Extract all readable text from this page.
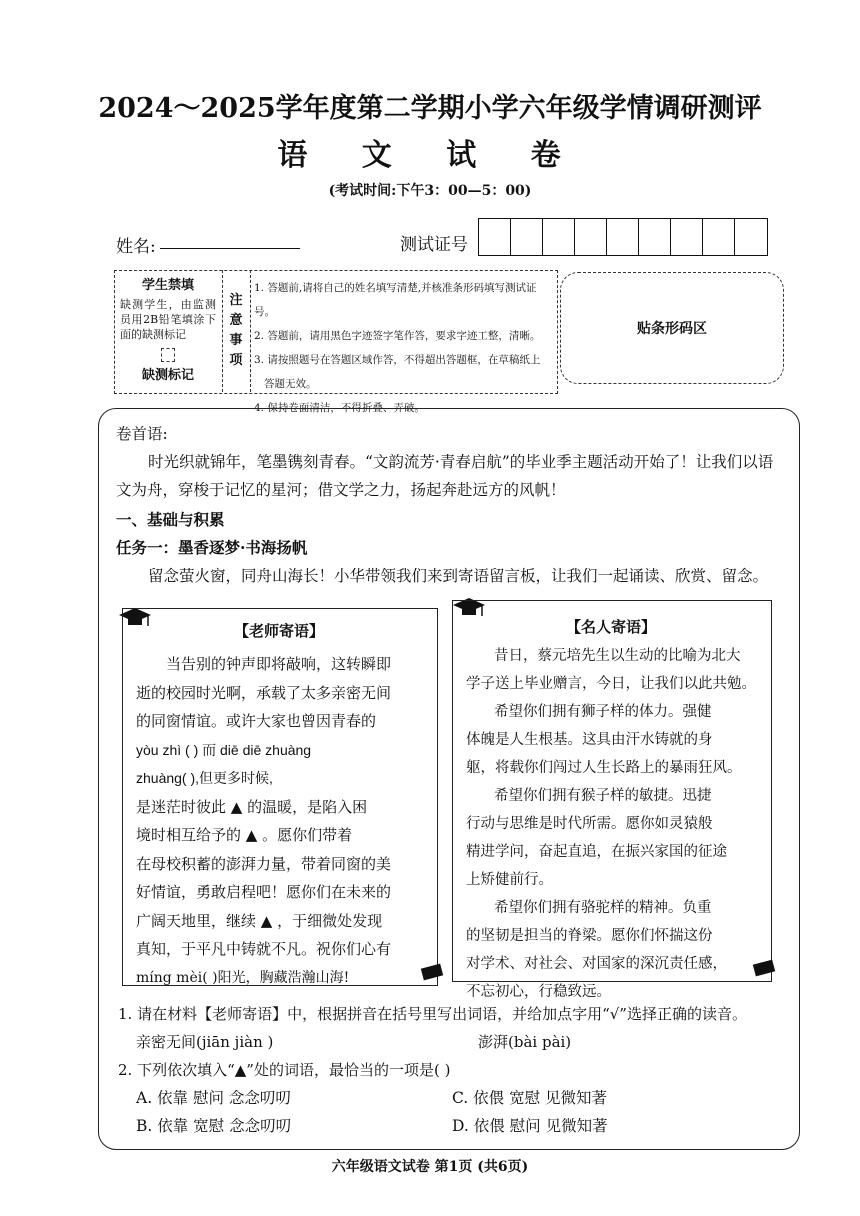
2024～2025学年度第二学期小学六年级学情调研测评
语 文 试 卷
(考试时间:下午3：00—5：00)
姓名:	测试证号
学生禁填
缺测学生，由监测员用2B铅笔填涂下面的缺测标记
缺测标记
注
意
事
项
1. 答题前,请将自己的姓名填写清楚,并核准条形码填写测试证号。
2. 答题前，请用黑色字迹签字笔作答，要求字迹工整，清晰。
3. 请按照题号在答题区域作答，不得超出答题框，在草稿纸上
答题无效。
4. 保持卷面清洁，不得折叠、弄破。
贴条形码区
卷首语:
时光织就锦年，笔墨镌刻青春。“文韵流芳·青春启航”的毕业季主题活动开始了！让我们以语文为舟，穿梭于记忆的星河；借文学之力，扬起奔赴远方的风帆！
一、基础与积累
任务一：墨香逐梦·书海扬帆
留念萤火窗，同舟山海长！小华带领我们来到寄语留言板，让我们一起诵读、欣赏、留念。
【老师寄语】
当告别的钟声即将敲响，这转瞬即
逝的校园时光啊，承载了太多亲密无间
的同窗情谊。或许大家也曾因青春的
yòu zhì ( ) 而 diē diē zhuàng
zhuàng( ),但更多时候,
是迷茫时彼此 ▲ 的温暖，是陷入困
境时相互给予的 ▲ 。愿你们带着
在母校积蓄的澎湃力量，带着同窗的美
好情谊，勇敢启程吧！愿你们在未来的
广阔天地里，继续 ▲ ，于细微处发现
真知，于平凡中铸就不凡。祝你们心有
míng mèi( )阳光，胸藏浩瀚山海!
【名人寄语】
昔日，蔡元培先生以生动的比喻为北大
学子送上毕业赠言，今日，让我们以此共勉。
希望你们拥有狮子样的体力。强健
体魄是人生根基。这具由汗水铸就的身
躯，将载你们闯过人生长路上的暴雨狂风。
希望你们拥有猴子样的敏捷。迅捷
行动与思维是时代所需。愿你如灵猿般
精进学问，奋起直追，在振兴家国的征途
上矫健前行。
希望你们拥有骆驼样的精神。负重
的坚韧是担当的脊梁。愿你们怀揣这份
对学术、对社会、对国家的深沉责任感，
不忘初心，行稳致远。
1. 请在材料【老师寄语】中，根据拼音在括号里写出词语，并给加点字用“√”选择正确的读音。
亲密无间(jiān jiàn )	澎湃(bài pài)
2. 下列依次填入“▲”处的词语，最恰当的一项是( )
A. 依靠 慰问 念念叨叨
B. 依靠 宽慰 念念叨叨
C. 依偎 宽慰 见微知著
D. 依偎 慰问 见微知著
六年级语文试卷 第1页 (共6页)
